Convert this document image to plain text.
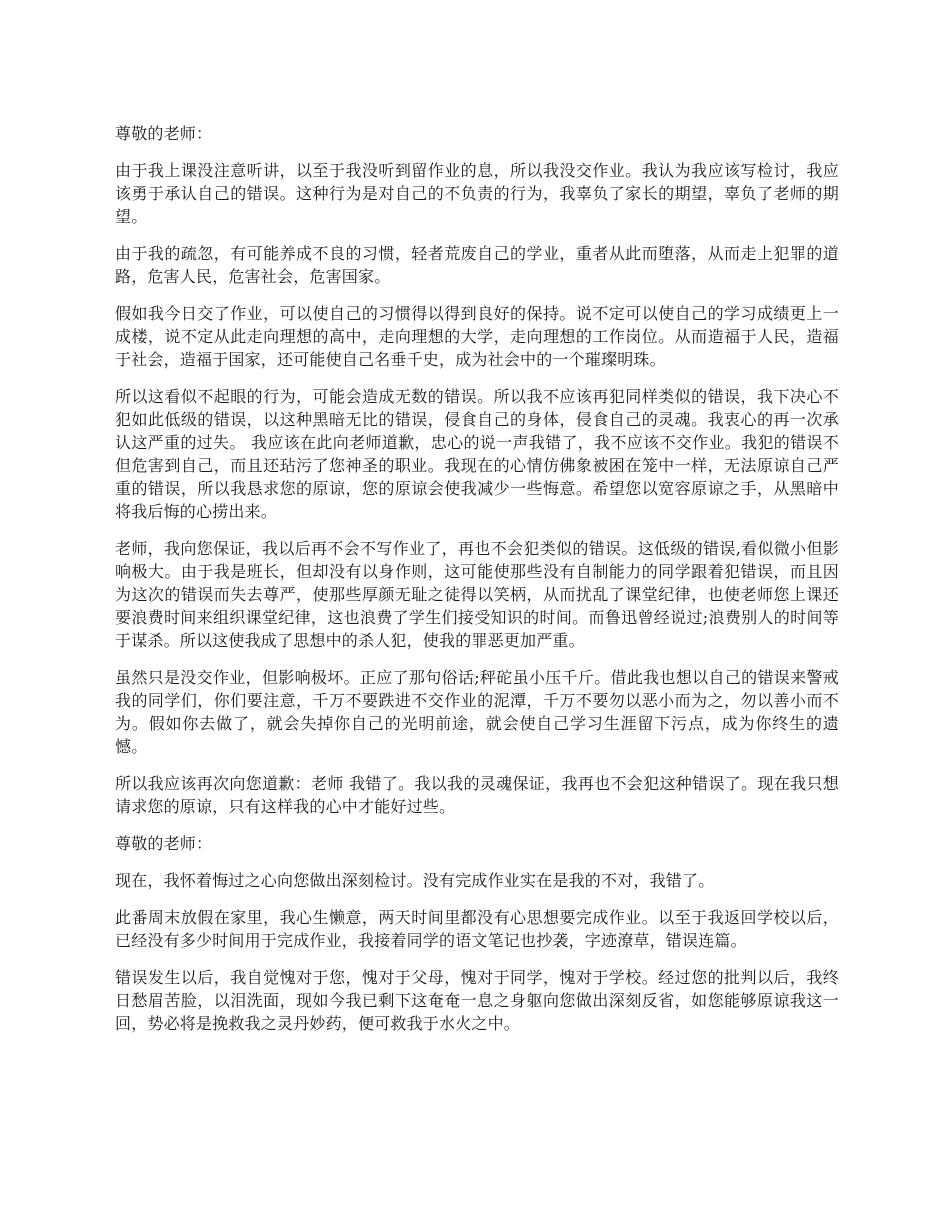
尊敬的老师：

由于我上课没注意听讲，以至于我没听到留作业的息，所以我没交作业。我认为我应该写检讨，我应该勇于承认自己的错误。这种行为是对自己的不负责的行为，我辜负了家长的期望，辜负了老师的期望。

由于我的疏忽，有可能养成不良的习惯，轻者荒废自己的学业，重者从此而堕落，从而走上犯罪的道路，危害人民，危害社会，危害国家。

假如我今日交了作业，可以使自己的习惯得以得到良好的保持。说不定可以使自己的学习成绩更上一成楼，说不定从此走向理想的高中，走向理想的大学，走向理想的工作岗位。从而造福于人民，造福于社会，造福于国家，还可能使自己名垂千史，成为社会中的一个璀璨明珠。

所以这看似不起眼的行为，可能会造成无数的错误。所以我不应该再犯同样类似的错误，我下决心不犯如此低级的错误，以这种黑暗无比的错误，侵食自己的身体，侵食自己的灵魂。我衷心的再一次承认这严重的过失。 我应该在此向老师道歉，忠心的说一声我错了，我不应该不交作业。我犯的错误不但危害到自己，而且还玷污了您神圣的职业。我现在的心情仿佛象被困在笼中一样，无法原谅自己严重的错误，所以我恳求您的原谅，您的原谅会使我减少一些悔意。希望您以宽容原谅之手，从黑暗中将我后悔的心捞出来。

老师，我向您保证，我以后再不会不写作业了，再也不会犯类似的错误。这低级的错误,看似微小但影响极大。由于我是班长，但却没有以身作则，这可能使那些没有自制能力的同学跟着犯错误，而且因为这次的错误而失去尊严，使那些厚颜无耻之徒得以笑柄，从而扰乱了课堂纪律，也使老师您上课还要浪费时间来组织课堂纪律，这也浪费了学生们接受知识的时间。而鲁迅曾经说过;浪费别人的时间等于谋杀。所以这使我成了思想中的杀人犯，使我的罪恶更加严重。

虽然只是没交作业，但影响极坏。正应了那句俗话;秤砣虽小压千斤。借此我也想以自己的错误来警戒我的同学们，你们要注意，千万不要跌进不交作业的泥潭，千万不要勿以恶小而为之，勿以善小而不为。假如你去做了，就会失掉你自己的光明前途，就会使自己学习生涯留下污点，成为你终生的遗憾。

所以我应该再次向您道歉：老师 我错了。我以我的灵魂保证，我再也不会犯这种错误了。现在我只想请求您的原谅，只有这样我的心中才能好过些。

尊敬的老师：

现在，我怀着悔过之心向您做出深刻检讨。没有完成作业实在是我的不对，我错了。

此番周末放假在家里，我心生懒意，两天时间里都没有心思想要完成作业。以至于我返回学校以后，已经没有多少时间用于完成作业，我接着同学的语文笔记也抄袭，字迹潦草，错误连篇。

错误发生以后，我自觉愧对于您，愧对于父母，愧对于同学，愧对于学校。经过您的批判以后，我终日愁眉苦脸，以泪洗面，现如今我已剩下这奄奄一息之身躯向您做出深刻反省，如您能够原谅我这一回，势必将是挽救我之灵丹妙药，便可救我于水火之中。
